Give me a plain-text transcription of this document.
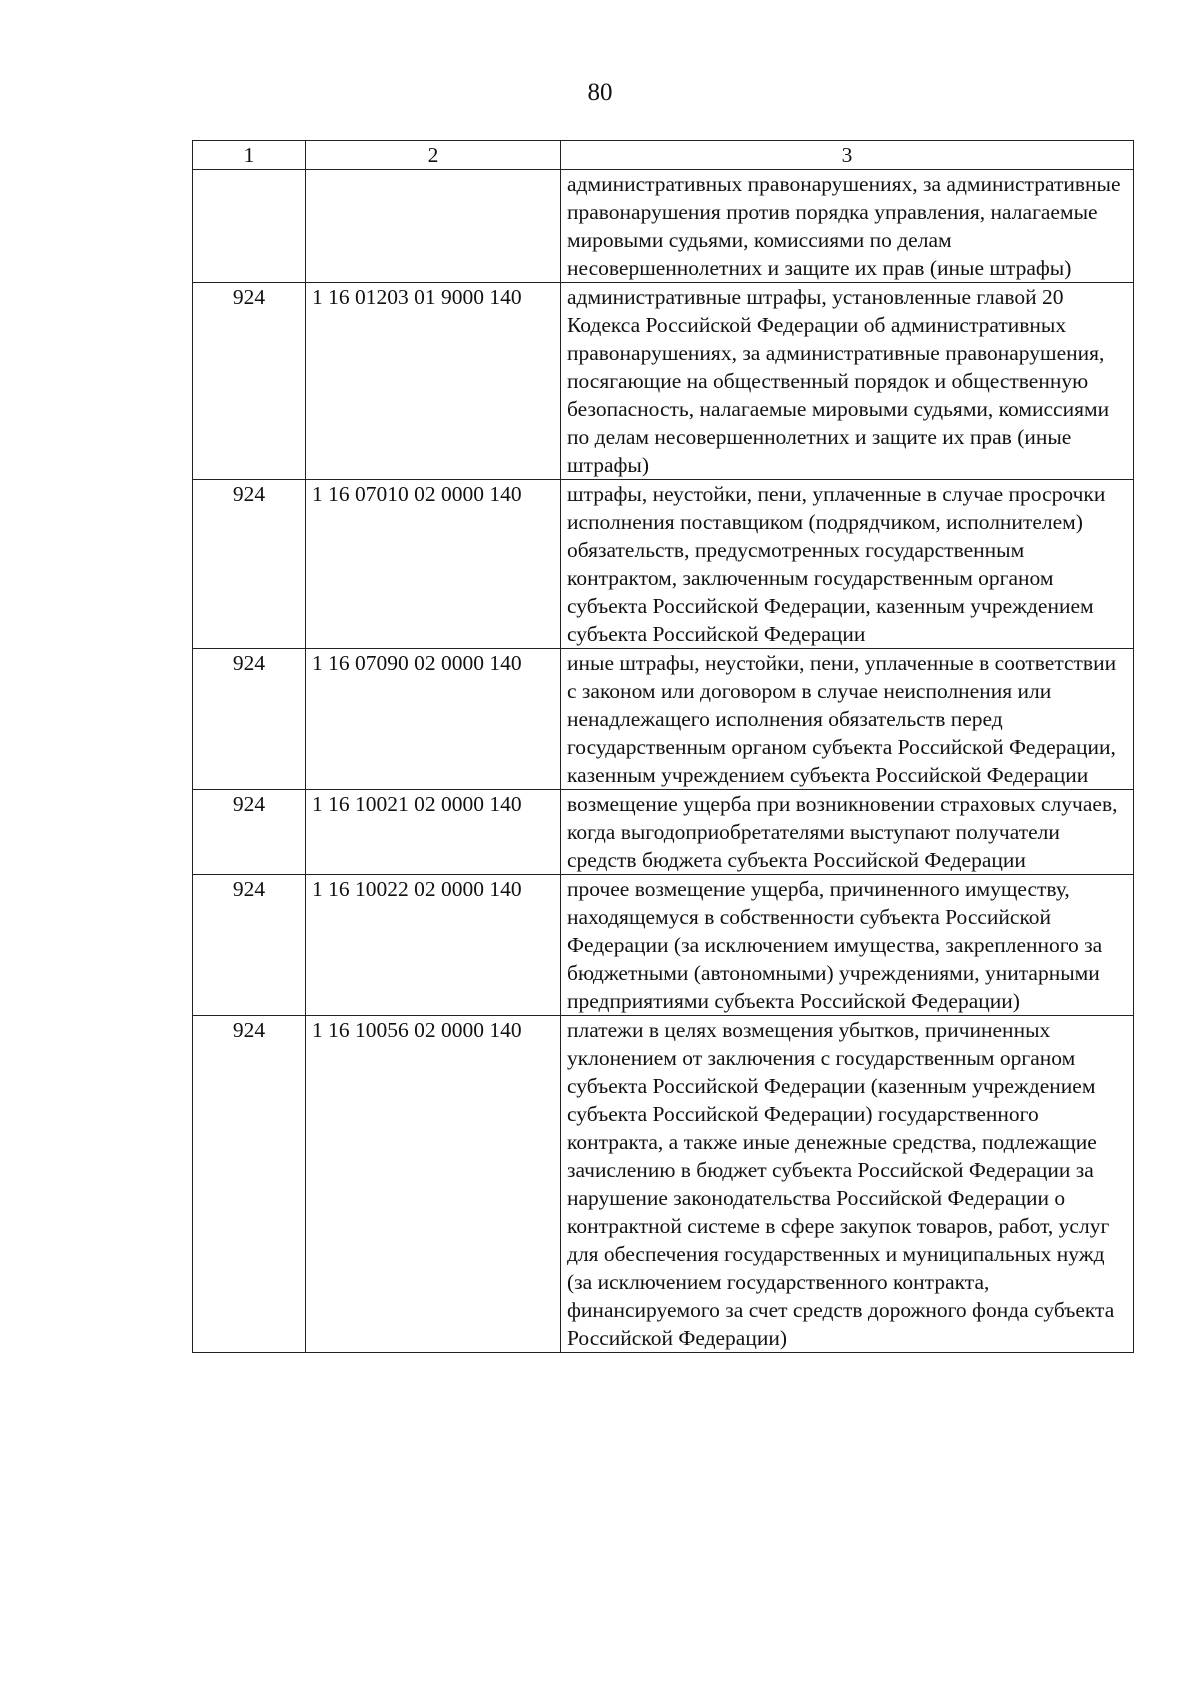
80
1	2	3
		административных правонарушениях, за административные правонарушения против порядка управления, налагаемые мировыми судьями, комиссиями по делам несовершеннолетних и защите их прав (иные штрафы)
924	1 16 01203 01 9000 140	административные штрафы, установленные главой 20 Кодекса Российской Федерации об административных правонарушениях, за административные правонарушения, посягающие на общественный порядок и общественную безопасность, налагаемые мировыми судьями, комиссиями по делам несовершеннолетних и защите их прав (иные штрафы)
924	1 16 07010 02 0000 140	штрафы, неустойки, пени, уплаченные в случае просрочки исполнения поставщиком (подрядчиком, исполнителем) обязательств, предусмотренных государственным контрактом, заключенным государственным органом субъекта Российской Федерации, казенным учреждением субъекта Российской Федерации
924	1 16 07090 02 0000 140	иные штрафы, неустойки, пени, уплаченные в соответствии с законом или договором в случае неисполнения или ненадлежащего исполнения обязательств перед государственным органом субъекта Российской Федерации, казенным учреждением субъекта Российской Федерации
924	1 16 10021 02 0000 140	возмещение ущерба при возникновении страховых случаев, когда выгодоприобретателями выступают получатели средств бюджета субъекта Российской Федерации
924	1 16 10022 02 0000 140	прочее возмещение ущерба, причиненного имуществу, находящемуся в собственности субъекта Российской Федерации (за исключением имущества, закрепленного за бюджетными (автономными) учреждениями, унитарными предприятиями субъекта Российской Федерации)
924	1 16 10056 02 0000 140	платежи в целях возмещения убытков, причиненных уклонением от заключения с государственным органом субъекта Российской Федерации (казенным учреждением субъекта Российской Федерации) государственного контракта, а также иные денежные средства, подлежащие зачислению в бюджет субъекта Российской Федерации за нарушение законодательства Российской Федерации о контрактной системе в сфере закупок товаров, работ, услуг для обеспечения государственных и муниципальных нужд (за исключением государственного контракта, финансируемого за счет средств дорожного фонда субъекта Российской Федерации)
